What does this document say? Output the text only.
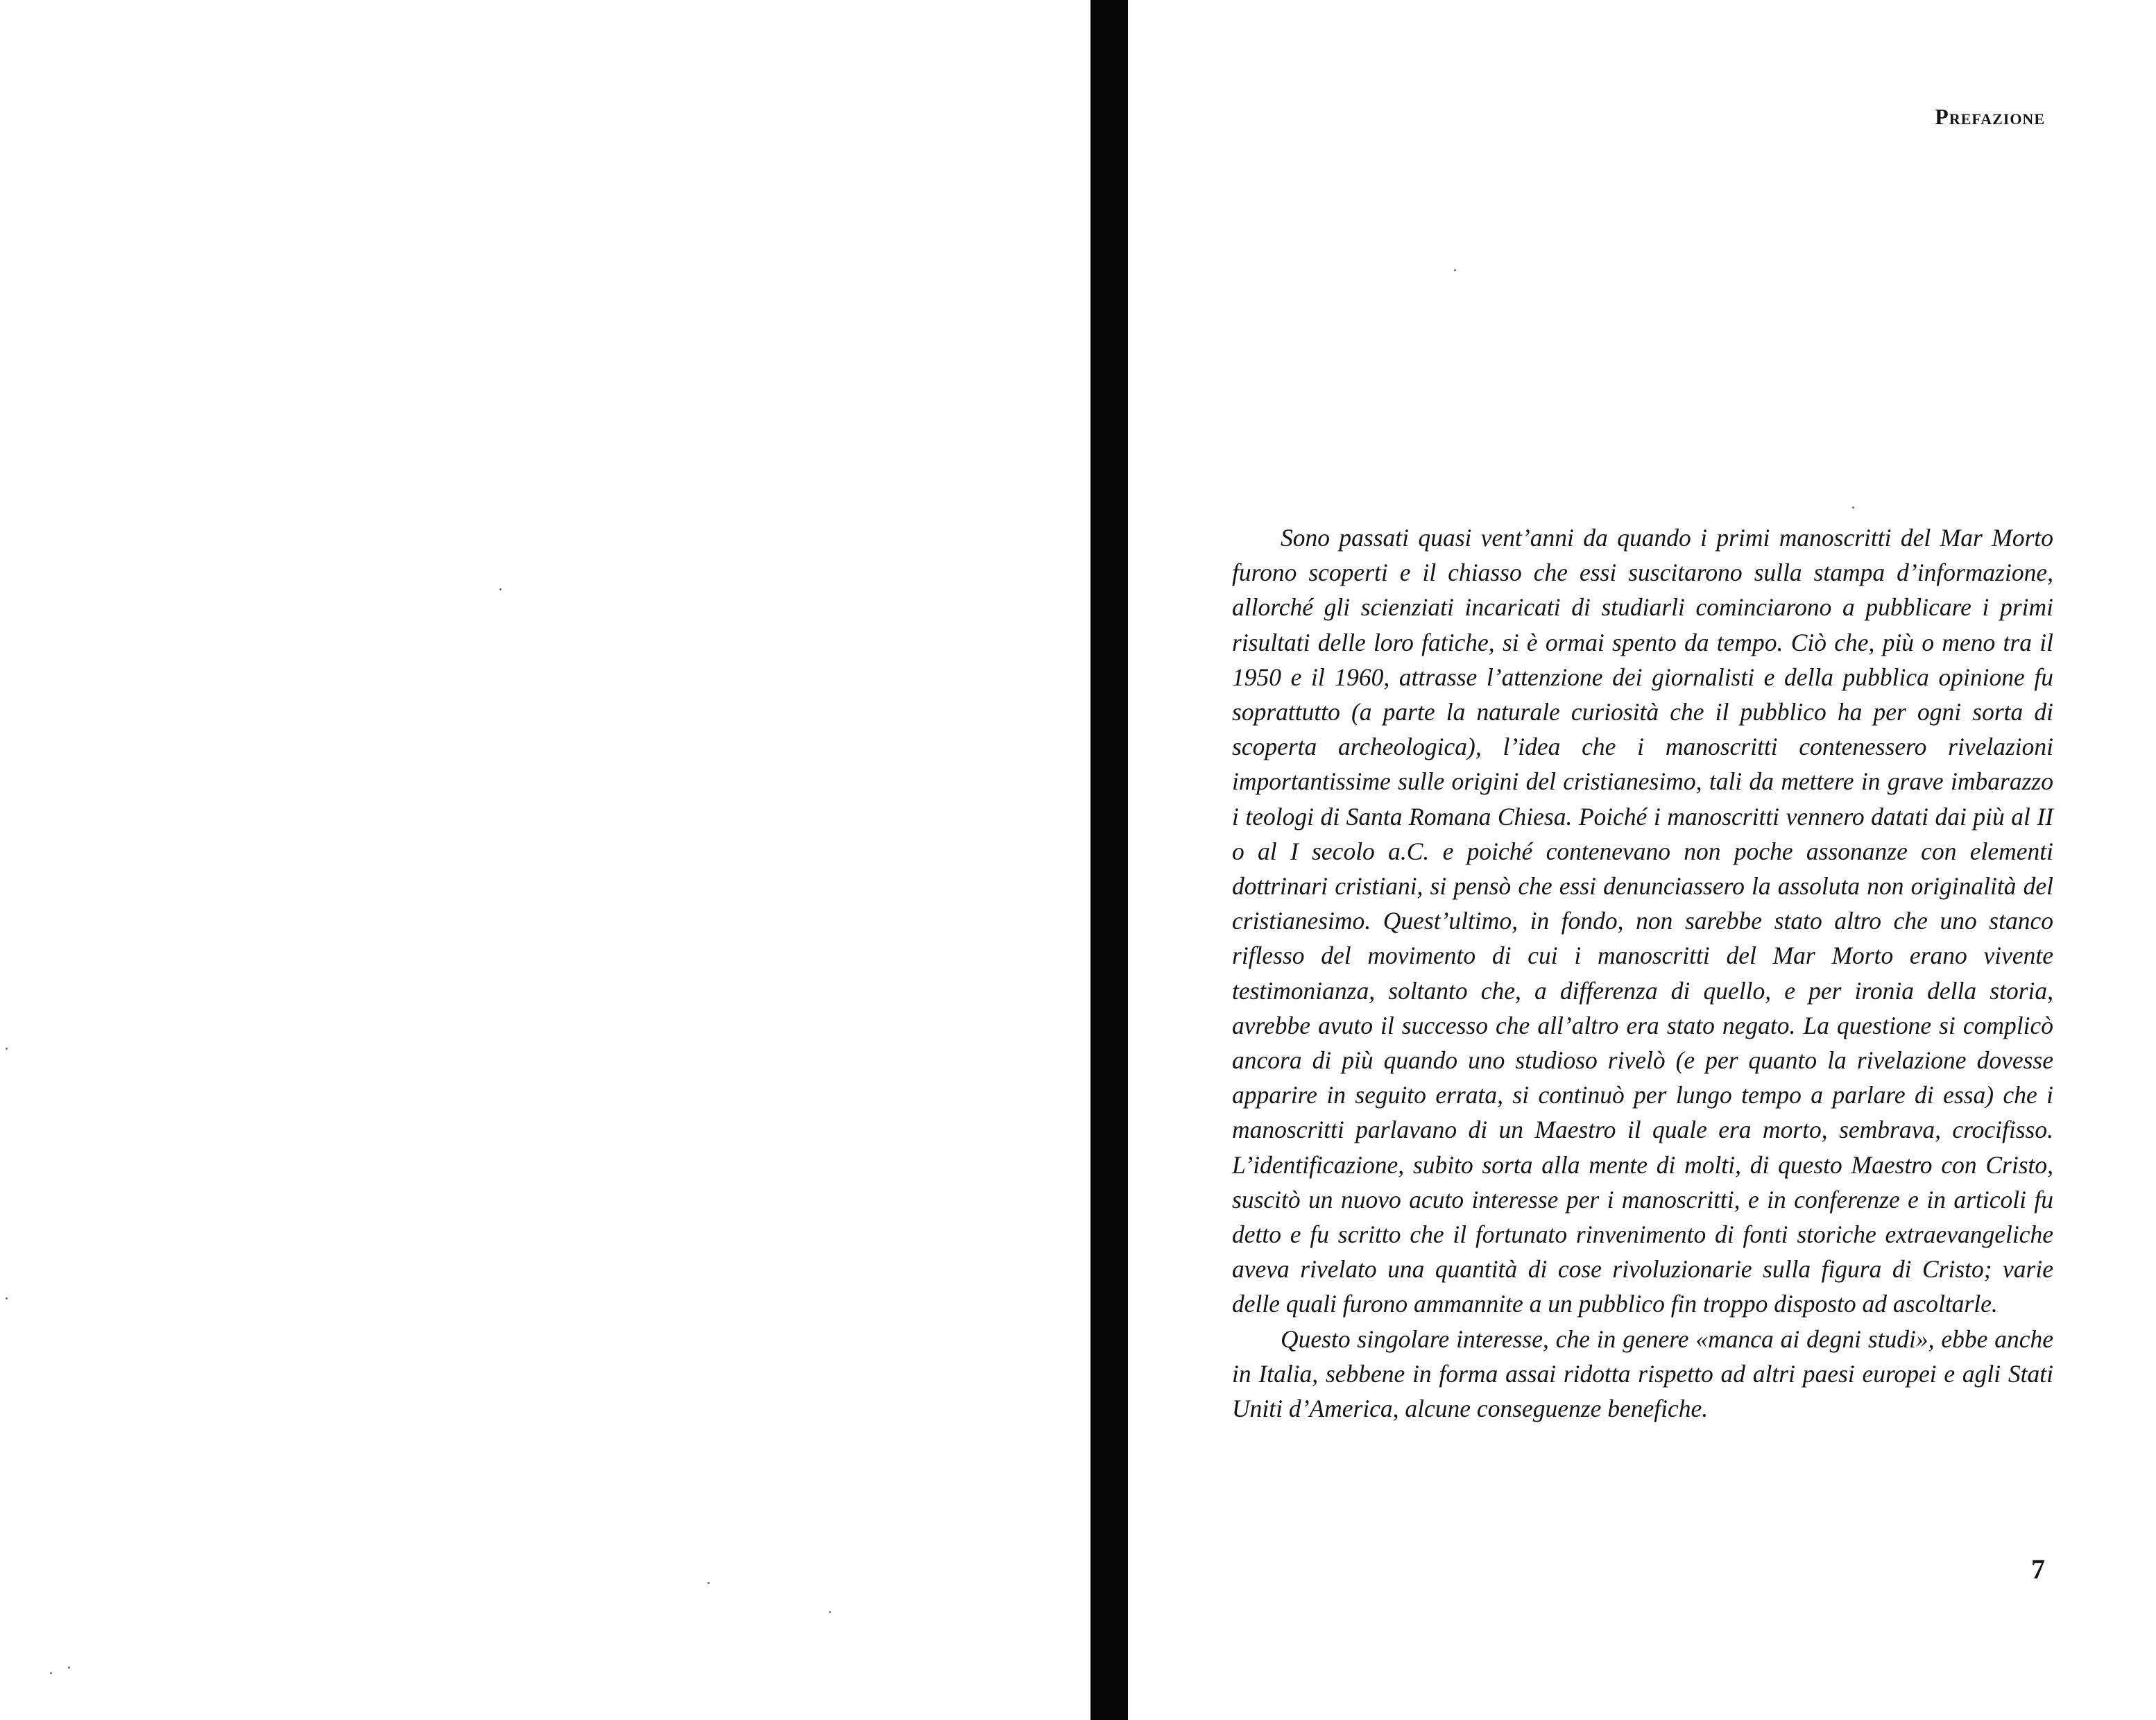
Prefazione

Sono passati quasi vent’anni da quando i primi manoscritti del Mar Morto furono scoperti e il chiasso che essi suscitarono sulla stampa d’informazione, allorché gli scienziati incaricati di studiarli cominciarono a pubblicare i primi risultati delle loro fatiche, si è ormai spento da tempo. Ciò che, più o meno tra il 1950 e il 1960, attrasse l’attenzione dei giornalisti e della pubblica opinione fu soprattutto (a parte la naturale curiosità che il pubblico ha per ogni sorta di scoperta archeologica), l’idea che i manoscritti contenessero rivelazioni importantissime sulle origini del cristianesimo, tali da mettere in grave imbarazzo i teologi di Santa Romana Chiesa. Poiché i manoscritti vennero datati dai più al II o al I secolo a.C. e poiché contenevano non poche assonanze con elementi dottrinari cristiani, si pensò che essi denunciassero la assoluta non originalità del cristianesimo. Quest’ultimo, in fondo, non sarebbe stato altro che uno stanco riflesso del movimento di cui i manoscritti del Mar Morto erano vivente testimonianza, soltanto che, a differenza di quello, e per ironia della storia, avrebbe avuto il successo che all’altro era stato negato. La questione si complicò ancora di più quando uno studioso rivelò (e per quanto la rivelazione dovesse apparire in seguito errata, si continuò per lungo tempo a parlare di essa) che i manoscritti parlavano di un Maestro il quale era morto, sembrava, crocifisso. L’identificazione, subito sorta alla mente di molti, di questo Maestro con Cristo, suscitò un nuovo acuto interesse per i manoscritti, e in conferenze e in articoli fu detto e fu scritto che il fortunato rinvenimento di fonti storiche extraevangeliche aveva rivelato una quantità di cose rivoluzionarie sulla figura di Cristo; varie delle quali furono ammannite a un pubblico fin troppo disposto ad ascoltarle.

Questo singolare interesse, che in genere «manca ai degni studi», ebbe anche in Italia, sebbene in forma assai ridotta rispetto ad altri paesi europei e agli Stati Uniti d’America, alcune conseguenze benefiche.

7
